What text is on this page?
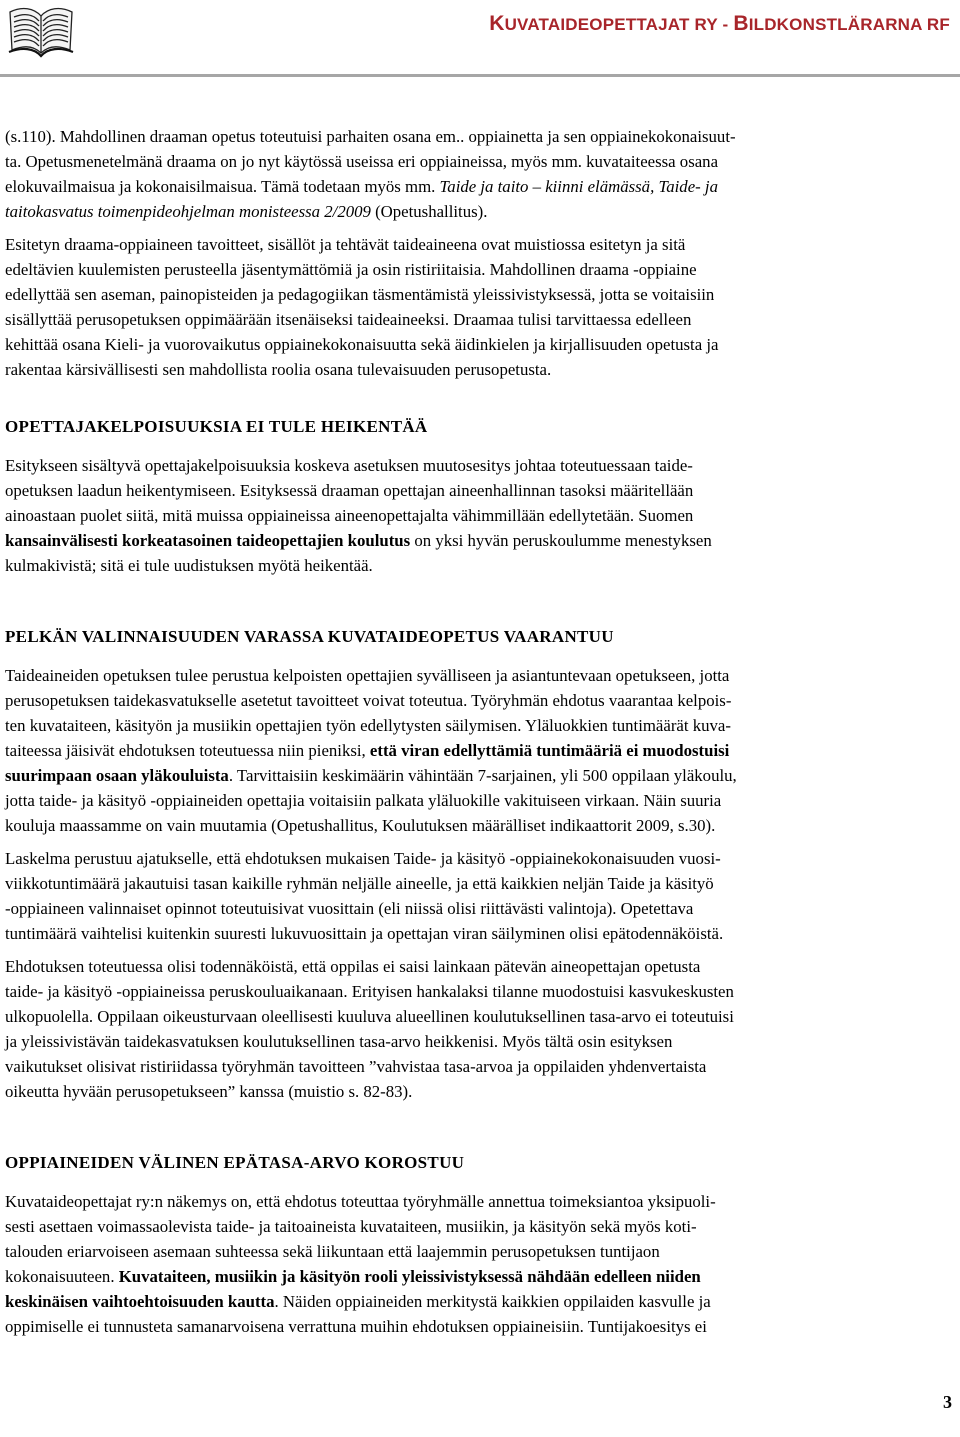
KUVATAIDEOPETTAJAT RY - BILDKONSTLÄRARNA RF
(s.110). Mahdollinen draaman opetus toteutuisi parhaiten osana em.. oppiainetta ja sen oppiainekokonaisuut-
ta. Opetusmenetelmänä draama on jo nyt käytössä useissa eri oppiaineissa, myös mm. kuvataiteessa osana
elokuvailmaisua ja kokonaisilmaisua. Tämä todetaan myös mm. Taide ja taito – kiinni elämässä, Taide- ja
taitokasvatus toimenpideohjelman monisteessa 2/2009 (Opetushallitus).
Esitetyn draama-oppiaineen tavoitteet, sisällöt ja tehtävät taideaineena ovat muistiossa esitetyn ja sitä
edeltävien kuulemisten perusteella jäsentymättömiä ja osin ristiriitaisia. Mahdollinen draama -oppiaine
edellyttää sen aseman, painopisteiden ja pedagogiikan täsmentämistä yleissivistyksessä, jotta se voitaisiin
sisällyttää perusopetuksen oppimäärään itsenäiseksi taideaineeksi. Draamaa tulisi tarvittaessa edelleen
kehittää osana Kieli- ja vuorovaikutus oppiainekokonaisuutta sekä äidinkielen ja kirjallisuuden opetusta ja
rakentaa kärsivällisesti sen mahdollista roolia osana tulevaisuuden perusopetusta.
OPETTAJAKELPOISUUKSIA EI TULE HEIKENTÄÄ
Esitykseen sisältyvä opettajakelpoisuuksia koskeva asetuksen muutosesitys johtaa toteutuessaan taide-
opetuksen laadun heikentymiseen. Esityksessä draaman opettajan aineenhallinnan tasoksi määritellään
ainoastaan puolet siitä, mitä muissa oppiaineissa aineenopettajalta vähimmillään edellytetään. Suomen
kansainvälisesti korkeatasoinen taideopettajien koulutus on yksi hyvän peruskoulumme menestyksen
kulmakivistä; sitä ei tule uudistuksen myötä heikentää.
PELKÄN VALINNAISUUDEN VARASSA KUVATAIDEOPETUS VAARANTUU
Taideaineiden opetuksen tulee perustua kelpoisten opettajien syvälliseen ja asiantuntevaan opetukseen, jotta
perusopetuksen taidekasvatukselle asetetut tavoitteet voivat toteutua. Työryhmän ehdotus vaarantaa kelpois-
ten kuvataiteen, käsityön ja musiikin opettajien työn edellytysten säilymisen. Yläluokkien tuntimäärät kuva-
taiteessa jäisivät ehdotuksen toteutuessa niin pieniksi, että viran edellyttämiä tuntimääriä ei muodostuisi
suurimpaan osaan yläkouluista. Tarvittaisiin keskimäärin vähintään 7-sarjainen, yli 500 oppilaan yläkoulu,
jotta taide- ja käsityö -oppiaineiden opettajia voitaisiin palkata yläluokille vakituiseen virkaan. Näin suuria
kouluja maassamme on vain muutamia (Opetushallitus, Koulutuksen määrälliset indikaattorit 2009, s.30).
Laskelma perustuu ajatukselle, että ehdotuksen mukaisen Taide- ja käsityö -oppiainekokonaisuuden vuosi-
viikkotuntimäärä jakautuisi tasan kaikille ryhmän neljälle aineelle, ja että kaikkien neljän Taide ja käsityö
-oppiaineen valinnaiset opinnot toteutuisivat vuosittain (eli niissä olisi riittävästi valintoja). Opetettava
tuntimäärä vaihtelisi kuitenkin suuresti lukuvuosittain ja opettajan viran säilyminen olisi epätodennäköistä.
Ehdotuksen toteutuessa olisi todennäköistä, että oppilas ei saisi lainkaan pätevän aineopettajan opetusta
taide- ja käsityö -oppiaineissa peruskouluaikanaan. Erityisen hankalaksi tilanne muodostuisi kasvukeskusten
ulkopuolella. Oppilaan oikeusturvaan oleellisesti kuuluva alueellinen koulutuksellinen tasa-arvo ei toteutuisi
ja yleissivistävän taidekasvatuksen koulutuksellinen tasa-arvo heikkenisi. Myös tältä osin esityksen
vaikutukset olisivat ristiriidassa työryhmän tavoitteen ”vahvistaa tasa-arvoa ja oppilaiden yhdenvertaista
oikeutta hyvään perusopetukseen” kanssa (muistio s. 82-83).
OPPIAINEIDEN VÄLINEN EPÄTASA-ARVO KOROSTUU
Kuvataideopettajat ry:n näkemys on, että ehdotus toteuttaa työryhmälle annettua toimeksiantoa yksipuoli-
sesti asettaen voimassaolevista taide- ja taitoaineista kuvataiteen, musiikin, ja käsityön sekä myös koti-
talouden eriarvoiseen asemaan suhteessa sekä liikuntaan että laajemmin perusopetuksen tuntijaon
kokonaisuuteen. Kuvataiteen, musiikin ja käsityön rooli yleissivistyksessä nähdään edelleen niiden
keskinäisen vaihtoehtoisuuden kautta. Näiden oppiaineiden merkitystä kaikkien oppilaiden kasvulle ja
oppimiselle ei tunnusteta samanarvoisena verrattuna muihin ehdotuksen oppiaineisiin. Tuntijakoesitys ei
3
